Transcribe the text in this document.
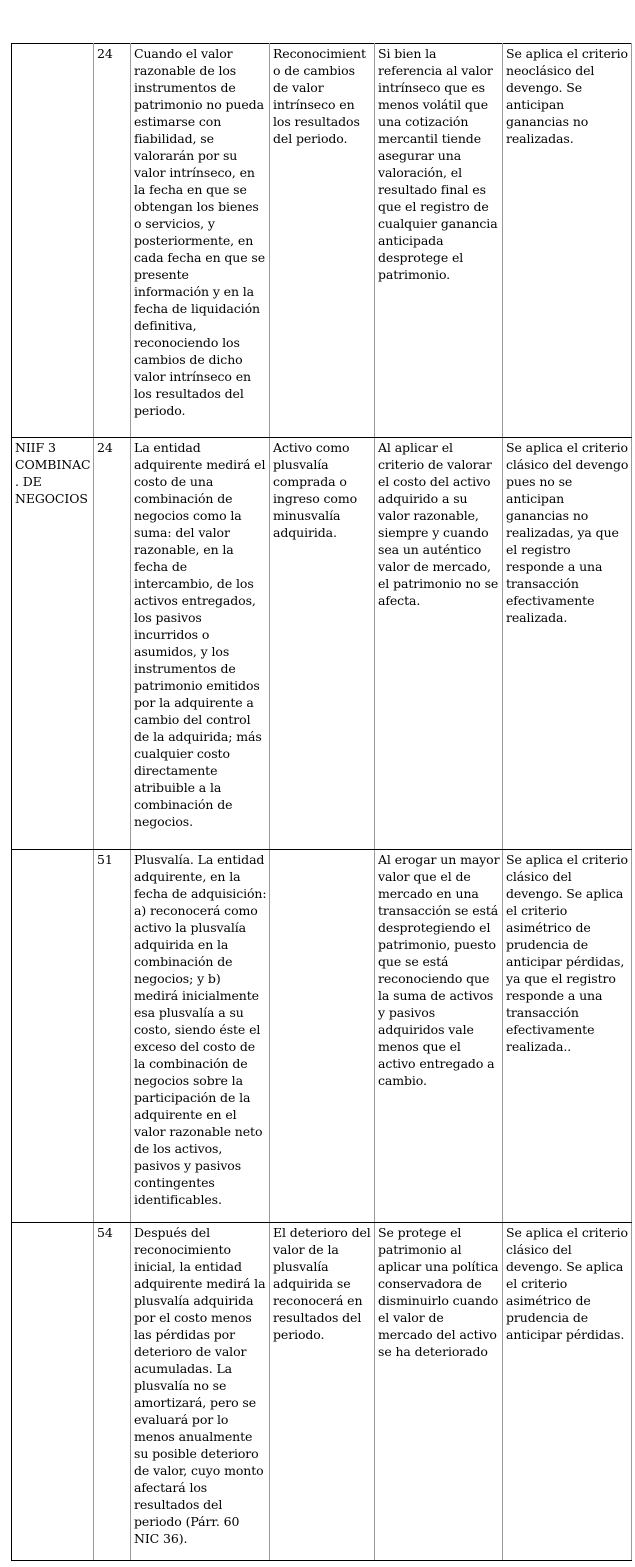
	24	Cuando el valor razonable de los instrumentos de patrimonio no pueda estimarse con fiabilidad, se valorarán por su valor intrínseco, en la fecha en que se obtengan los bienes o servicios, y posteriormente, en cada fecha en que se presente información y en la fecha de liquidación definitiva, reconociendo los cambios de dicho valor intrínseco en los resultados del periodo.	Reconocimiento de cambios de valor intrínseco en los resultados del periodo.	Si bien la referencia al valor intrínseco que es menos volátil que una cotización mercantil tiende asegurar una valoración, el resultado final es que el registro de cualquier ganancia anticipada desprotege el patrimonio.	Se aplica el criterio neoclásico del devengo. Se anticipan ganancias no realizadas.
NIIF 3 COMBINAC. DE NEGOCIOS	24	La entidad adquirente medirá el costo de una combinación de negocios como la suma: del valor razonable, en la fecha de intercambio, de los activos entregados, los pasivos incurridos o asumidos, y los instrumentos de patrimonio emitidos por la adquirente a cambio del control de la adquirida; más cualquier costo directamente atribuible a la combinación de negocios.	Activo como plusvalía comprada o ingreso como minusvalía adquirida.	Al aplicar el criterio de valorar el costo del activo adquirido a su valor razonable, siempre y cuando sea un auténtico valor de mercado, el patrimonio no se afecta.	Se aplica el criterio clásico del devengo pues no se anticipan ganancias no realizadas, ya que el registro responde a una transacción efectivamente realizada.
	51	Plusvalía. La entidad adquirente, en la fecha de adquisición: a) reconocerá como activo la plusvalía adquirida en la combinación de negocios; y b) medirá inicialmente esa plusvalía a su costo, siendo éste el exceso del costo de la combinación de negocios sobre la participación de la adquirente en el valor razonable neto de los activos, pasivos y pasivos contingentes identificables.		Al erogar un mayor valor que el de mercado en una transacción se está desprotegiendo el patrimonio, puesto que se está reconociendo que la suma de activos y pasivos adquiridos vale menos que el activo entregado a cambio.	Se aplica el criterio clásico del devengo. Se aplica el criterio asimétrico de prudencia de anticipar pérdidas, ya que el registro responde a una transacción efectivamente realizada..
	54	Después del reconocimiento inicial, la entidad adquirente medirá la plusvalía adquirida por el costo menos las pérdidas por deterioro de valor acumuladas. La plusvalía no se amortizará, pero se evaluará por lo menos anualmente su posible deterioro de valor, cuyo monto afectará los resultados del periodo (Párr. 60 NIC 36).	El deterioro del valor de la plusvalía adquirida se reconocerá en resultados del periodo.	Se protege el patrimonio al aplicar una política conservadora de disminuirlo cuando el valor de mercado del activo se ha deteriorado	Se aplica el criterio clásico del devengo. Se aplica el criterio asimétrico de prudencia de anticipar pérdidas.
